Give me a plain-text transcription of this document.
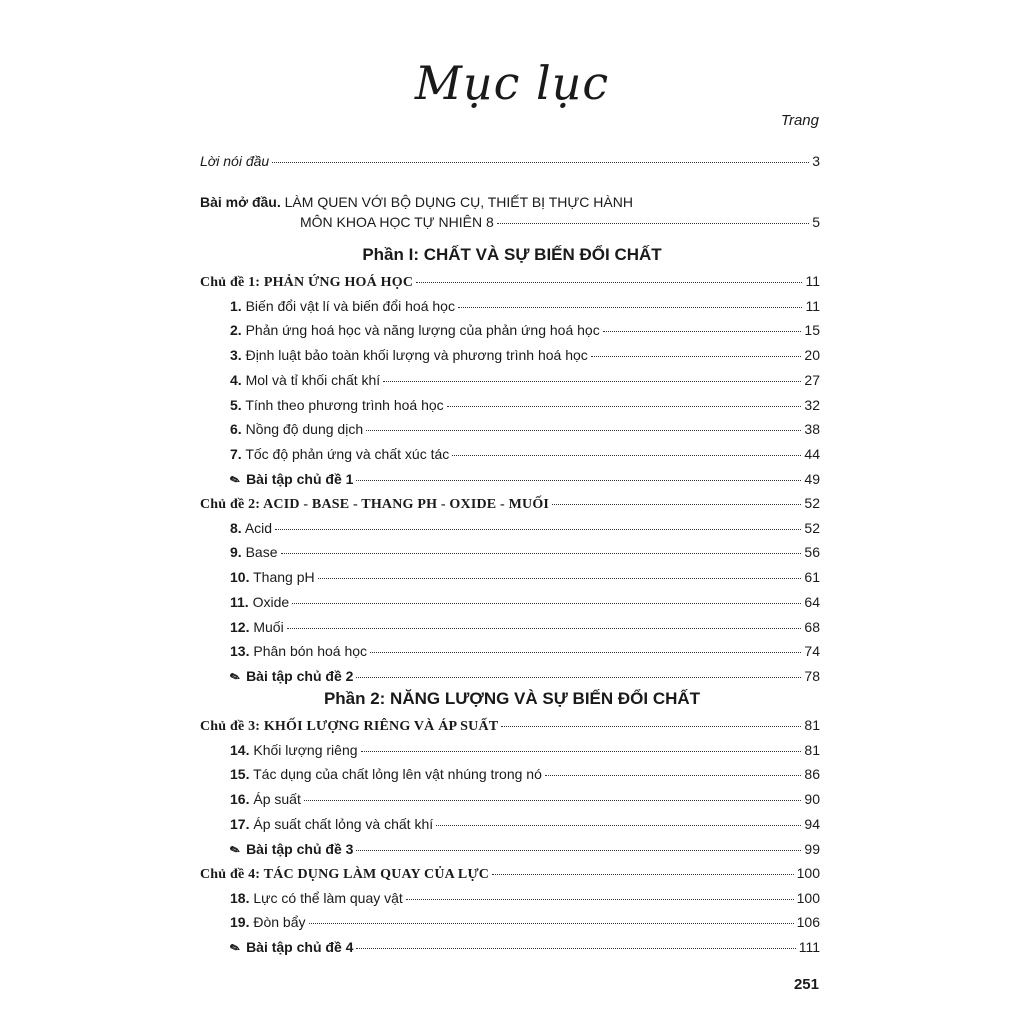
Mục lục
Trang
Lời nói đầu	3
Bài mở đầu. LÀM QUEN VỚI BỘ DỤNG CỤ, THIẾT BỊ THỰC HÀNH
MÔN KHOA HỌC TỰ NHIÊN 8	5
Phần I: CHẤT VÀ SỰ BIẾN ĐỔI CHẤT
Phần 2: NĂNG LƯỢNG VÀ SỰ BIẾN ĐỔI CHẤT
Chủ đề 1: PHẢN ỨNG HOÁ HỌC	11
1. Biến đổi vật lí và biến đổi hoá học	11
2. Phản ứng hoá học và năng lượng của phản ứng hoá học	15
3. Định luật bảo toàn khối lượng và phương trình hoá học	20
4. Mol và tỉ khối chất khí	27
5. Tính theo phương trình hoá học	32
6. Nồng độ dung dịch	38
7. Tốc độ phản ứng và chất xúc tác	44
✎ Bài tập chủ đề 1	49
Chủ đề 2: ACID - BASE - THANG PH - OXIDE - MUỐI	52
8. Acid	52
9. Base	56
10. Thang pH	61
11. Oxide	64
12. Muối	68
13. Phân bón hoá học	74
✎ Bài tập chủ đề 2	78
Chủ đề 3: KHỐI LƯỢNG RIÊNG VÀ ÁP SUẤT	81
14. Khối lượng riêng	81
15. Tác dụng của chất lỏng lên vật nhúng trong nó	86
16. Áp suất	90
17. Áp suất chất lỏng và chất khí	94
✎ Bài tập chủ đề 3	99
Chủ đề 4: TÁC DỤNG LÀM QUAY CỦA LỰC	100
18. Lực có thể làm quay vật	100
19. Đòn bẩy	106
✎ Bài tập chủ đề 4	111
251
